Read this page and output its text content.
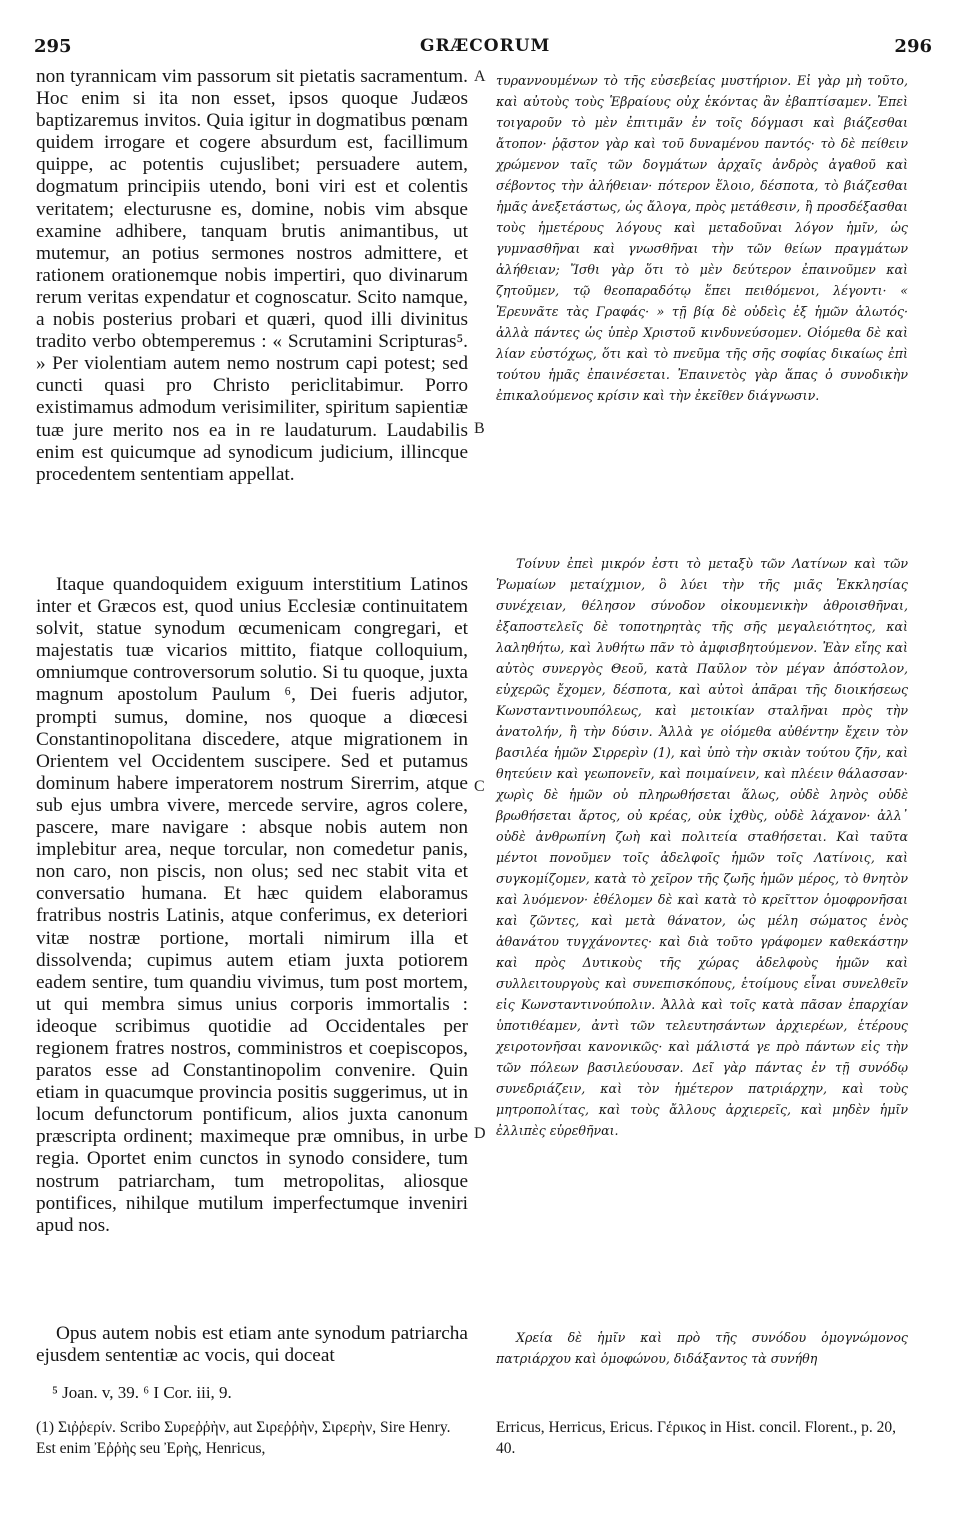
295	GRÆCORUM	296

non tyrannicam vim passorum sit pietatis sacramentum. Hoc enim si ita non esset, ipsos quoque Judæos baptizaremus invitos. Quia igitur in dogmatibus pœnam quidem irrogare et cogere absurdum est, facillimum quippe, ac potentis cujuslibet; persuadere autem, dogmatum principiis utendo, boni viri est et colentis veritatem; electurusne es, domine, nobis vim absque examine adhibere, tanquam brutis animantibus, ut mutemur, an potius sermones nostros admittere, et rationem orationemque nobis impertiri, quo divinarum rerum veritas expendatur et cognoscatur. Scito namque, a nobis posterius probari et quæri, quod illi divinitus tradito verbo obtemperemus : « Scrutamini Scripturas⁵. » Per violentiam autem nemo nostrum capi potest; sed cuncti quasi pro Christo periclitabimur. Porro existimamus admodum verisimiliter, spiritum sapientiæ tuæ jure merito nos ea in re laudaturum. Laudabilis enim est quicumque ad synodicum judicium, illincque procedentem sententiam appellat.

Itaque quandoquidem exiguum interstitium Latinos inter et Græcos est, quod unius Ecclesiæ continuitatem solvit, statue synodum œcumenicam congregari, et majestatis tuæ vicarios mittito, fiatque colloquium, omniumque controversorum solutio. Si tu quoque, juxta magnum apostolum Paulum ⁶, Dei fueris adjutor, prompti sumus, domine, nos quoque a diœcesi Constantinopolitana discedere, atque migrationem in Orientem vel Occidentem suscipere. Sed et putamus dominum habere imperatorem nostrum Sirerrim, atque sub ejus umbra vivere, mercede servire, agros colere, pascere, mare navigare : absque nobis autem non implebitur area, neque torcular, non comedetur panis, non caro, non piscis, non olus; sed nec stabit vita et conversatio humana. Et hæc quidem elaboramus fratribus nostris Latinis, atque conferimus, ex deteriori vitæ nostræ portione, mortali nimirum illa et dissolvenda; cupimus autem etiam juxta potiorem eadem sentire, tum quandiu vivimus, tum post mortem, ut qui membra simus unius corporis immortalis : ideoque scribimus quotidie ad Occidentales per regionem fratres nostros, comministros et coepiscopos, paratos esse ad Constantinopolim convenire. Quin etiam in quacumque provincia positis suggerimus, ut in locum defunctorum pontificum, alios juxta canonum præscripta ordinent; maximeque præ omnibus, in urbe regia. Oportet enim cunctos in synodo considere, tum nostrum patriarcham, tum metropolitas, aliosque pontifices, nihilque mutilum imperfectumque inveniri apud nos.

Opus autem nobis est etiam ante synodum patriarcha ejusdem sententiæ ac vocis, qui doceat

A
B
C
D

τυραννουμένων τὸ τῆς εὐσεβείας μυστήριον. Εἰ γὰρ μὴ τοῦτο, καὶ αὐτοὺς τοὺς Ἑβραίους οὐχ ἑκόντας ἂν ἐβαπτίσαμεν. Ἐπεὶ τοιγαροῦν τὸ μὲν ἐπιτιμᾶν ἐν τοῖς δόγμασι καὶ βιάζεσθαι ἄτοπον· ῥᾷστον γὰρ καὶ τοῦ δυναμένου παντός· τὸ δὲ πείθειν χρώμενον ταῖς τῶν δογμάτων ἀρχαῖς ἀνδρὸς ἀγαθοῦ καὶ σέβοντος τὴν ἀλήθειαν· πότερον ἕλοιο, δέσποτα, τὸ βιάζεσθαι ἡμᾶς ἀνεξετάστως, ὡς ἄλογα, πρὸς μετάθεσιν, ἢ προσδέξασθαι τοὺς ἡμετέρους λόγους καὶ μεταδοῦναι λόγον ἡμῖν, ὡς γυμνασθῆναι καὶ γνωσθῆναι τὴν τῶν θείων πραγμάτων ἀλήθειαν; Ἴσθι γὰρ ὅτι τὸ μὲν δεύτερον ἐπαινοῦμεν καὶ ζητοῦμεν, τῷ θεοπαραδότῳ ἕπει πειθόμενοι, λέγοντι· « Ἐρευνᾶτε τὰς Γραφάς· » τῇ βίᾳ δὲ οὐδεὶς ἐξ ἡμῶν ἁλωτός· ἀλλὰ πάντες ὡς ὑπὲρ Χριστοῦ κινδυνεύσομεν. Οἰόμεθα δὲ καὶ λίαν εὐστόχως, ὅτι καὶ τὸ πνεῦμα τῆς σῆς σοφίας δικαίως ἐπὶ τούτου ἡμᾶς ἐπαινέσεται. Ἐπαινετὸς γὰρ ἅπας ὁ συνοδικὴν ἐπικαλούμενος κρίσιν καὶ τὴν ἐκεῖθεν διάγνωσιν.

Τοίνυν ἐπεὶ μικρόν ἐστι τὸ μεταξὺ τῶν Λατίνων καὶ τῶν Ῥωμαίων μεταίχμιον, ὃ λύει τὴν τῆς μιᾶς Ἐκκλησίας συνέχειαν, θέλησον σύνοδον οἰκουμενικὴν ἀθροισθῆναι, ἐξαποστελεῖς δὲ τοποτηρητὰς τῆς σῆς μεγαλειότητος, καὶ λαληθήτω, καὶ λυθήτω πᾶν τὸ ἀμφισβητούμενον. Ἐὰν εἴης καὶ αὐτὸς συνεργὸς Θεοῦ, κατὰ Παῦλον τὸν μέγαν ἀπόστολον, εὐχερῶς ἔχομεν, δέσποτα, καὶ αὐτοὶ ἀπᾶραι τῆς διοικήσεως Κωνσταντινουπόλεως, καὶ μετοικίαν σταλῆναι πρὸς τὴν ἀνατολήν, ἢ τὴν δύσιν. Ἀλλὰ γε οἰόμεθα αὐθέντην ἔχειν τὸν βασιλέα ἡμῶν Σιρρερὶν (1), καὶ ὑπὸ τὴν σκιὰν τούτου ζῆν, καὶ θητεύειν καὶ γεωπονεῖν, καὶ ποιμαίνειν, καὶ πλέειν θάλασσαν· χωρὶς δὲ ἡμῶν οὐ πληρωθήσεται ἅλως, οὐδὲ ληνὸς οὐδὲ βρωθήσεται ἄρτος, οὐ κρέας, οὐκ ἰχθὺς, οὐδὲ λάχανον· ἀλλ᾽ οὐδὲ ἀνθρωπίνη ζωὴ καὶ πολιτεία σταθήσεται. Καὶ ταῦτα μέντοι πονοῦμεν τοῖς ἀδελφοῖς ἡμῶν τοῖς Λατίνοις, καὶ συγκομίζομεν, κατὰ τὸ χεῖρον τῆς ζωῆς ἡμῶν μέρος, τὸ θνητὸν καὶ λυόμενον· ἐθέλομεν δὲ καὶ κατὰ τὸ κρεῖττον ὁμοφρονῆσαι καὶ ζῶντες, καὶ μετὰ θάνατον, ὡς μέλη σώματος ἑνὸς ἀθανάτου τυγχάνοντες· καὶ διὰ τοῦτο γράφομεν καθεκάστην καὶ πρὸς Δυτικοὺς τῆς χώρας ἀδελφοὺς ἡμῶν καὶ συλλειτουργοὺς καὶ συνεπισκόπους, ἑτοίμους εἶναι συνελθεῖν εἰς Κωνσταντινούπολιν. Ἀλλὰ καὶ τοῖς κατὰ πᾶσαν ἐπαρχίαν ὑποτιθέαμεν, ἀντὶ τῶν τελευτησάντων ἀρχιερέων, ἑτέρους χειροτονῆσαι κανονικῶς· καὶ μάλιστά γε πρὸ πάντων εἰς τὴν τῶν πόλεων βασιλεύουσαν. Δεῖ γὰρ πάντας ἐν τῇ συνόδῳ συνεδριάζειν, καὶ τὸν ἡμέτερον πατριάρχην, καὶ τοὺς μητροπολίτας, καὶ τοὺς ἄλλους ἀρχιερεῖς, καὶ μηδὲν ἡμῖν ἐλλιπὲς εὑρεθῆναι.

Χρεία δὲ ἡμῖν καὶ πρὸ τῆς συνόδου ὁμογνώμονος πατριάρχου καὶ ὁμοφώνου, διδάξαντος τὰ συνήθη

⁵ Joan. v, 39. ⁶ I Cor. iii, 9.
(1) Σιῤῥερίν. Scribo Συρεῤῥὴν, aut Σιρεῤῥὴν, Σιρερὴν, Sire Henry. Est enim Ἐῤῥὴς seu Ἐρὴς, Henricus,
Erricus, Herricus, Ericus. Γέρικος in Hist. concil. Florent., p. 20, 40.
